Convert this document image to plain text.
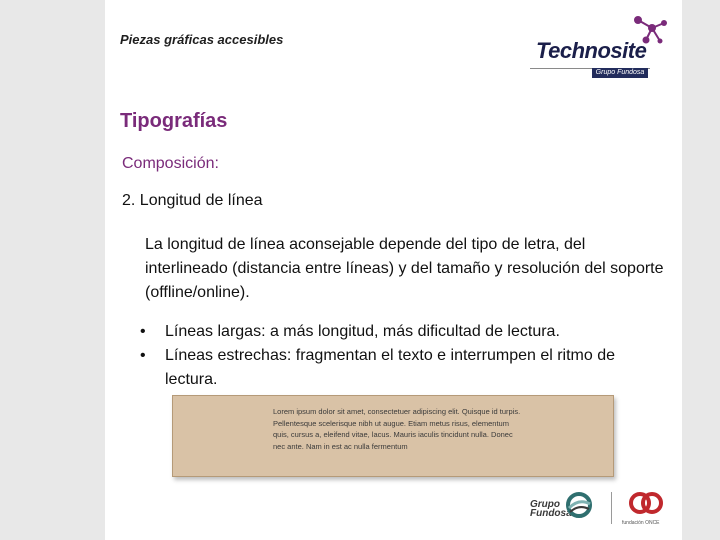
Piezas gráficas accesibles	Technosite
Grupo Fundosa
Tipografías
Composición:
2. Longitud de línea

La longitud de línea aconsejable depende del tipo de letra, del interlineado (distancia entre líneas) y del tamaño y resolución del soporte (offline/online).

• Líneas largas: a más longitud, más dificultad de lectura.
• Líneas estrechas: fragmentan el texto e interrumpen el ritmo de lectura.

Lorem ipsum dolor sit amet, consectetuer adipiscing elit. Quisque id turpis. Pellentesque scelerisque nibh ut augue. Etiam metus risus, elementum quis, cursus a, eleifend vitae, lacus. Mauris iaculis tincidunt nulla. Donec nec ante. Nam in est ac nulla fermentum

Grupo
Fundosa
fundación ONCE
